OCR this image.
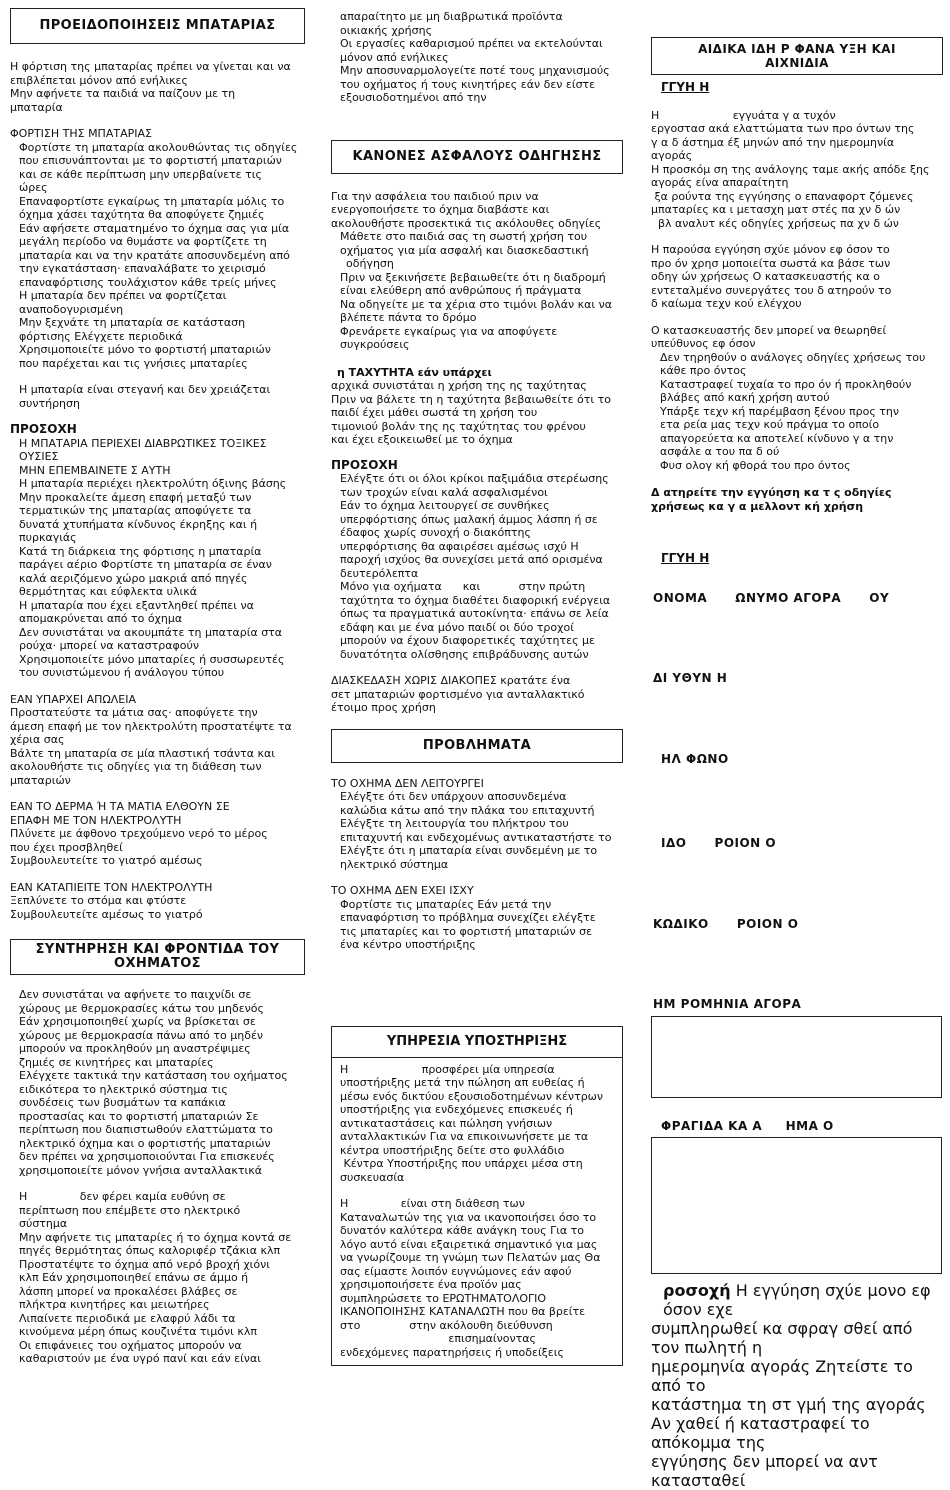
ΠΡΟΕΙΔΟΠΟΙΗΣΕΙΣ ΜΠΑΤΑΡΙΑΣ

Η φόρτιση της μπαταρίας πρέπει να γίνεται και να

επιβλέπεται μόνον από ενήλικες

Μην αφήνετε τα παιδιά να παίζουν με τη

μπαταρία

ΦΟΡΤΙΣΗ ΤΗΣ ΜΠΑΤΑΡΙΑΣ

Φορτίστε τη μπαταρία ακολουθώντας τις οδηγίες

που επισυνάπτονται με το φορτιστή μπαταριών

και σε κάθε περίπτωση μην υπερβαίνετε τις

ώρες

Επαναφορτίστε εγκαίρως τη μπαταρία μόλις το

όχημα χάσει ταχύτητα θα αποφύγετε ζημιές

Εάν αφήσετε σταματημένο το όχημα σας για μία

μεγάλη περίοδο να θυμάστε να φορτίζετε τη

μπαταρία και να την κρατάτε αποσυνδεμένη από

την εγκατάσταση· επαναλάβατε το χειρισμό

επαναφόρτισης τουλάχιστον κάθε τρείς μήνες

Η μπαταρία δεν πρέπει να φορτίζεται

αναποδογυρισμένη

Μην ξεχνάτε τη μπαταρία σε κατάσταση

φόρτισης Ελέγχετε περιοδικά

Χρησιμοποιείτε μόνο το φορτιστή μπαταριών

που παρέχεται και τις γνήσιες μπαταρίες

Η μπαταρία είναι στεγανή και δεν χρειάζεται

συντήρηση

ΠΡΟΣΟΧΗ

Η ΜΠΑΤΑΡΙΑ ΠΕΡΙΕΧΕΙ ΔΙΑΒΡΩΤΙΚΕΣ ΤΟΞΙΚΕΣ

ΟΥΣΙΕΣ

ΜΗΝ ΕΠΕΜΒΑΙΝΕΤΕ Σ ΑΥΤΗ

Η μπαταρία περιέχει ηλεκτρολύτη όξινης βάσης

Μην προκαλείτε άμεση επαφή μεταξύ των

τερματικών της μπαταρίας αποφύγετε τα

δυνατά χτυπήματα κίνδυνος έκρηξης και ή

πυρκαγιάς

Κατά τη διάρκεια της φόρτισης η μπαταρία

παράγει αέριο Φορτίστε τη μπαταρία σε έναν

καλά αεριζόμενο χώρο μακριά από πηγές

θερμότητας και εύφλεκτα υλικά

Η μπαταρία που έχει εξαντληθεί πρέπει να

απομακρύνεται από το όχημα

Δεν συνιστάται να ακουμπάτε τη μπαταρία στα

ρούχα· μπορεί να καταστραφούν

Χρησιμοποιείτε μόνο μπαταρίες ή συσσωρευτές

του συνιστώμενου ή ανάλογου τύπου

ΕΑΝ ΥΠΑΡΧΕΙ ΑΠΩΛΕΙΑ

Προστατεύστε τα μάτια σας· αποφύγετε την

άμεση επαφή με τον ηλεκτρολύτη προστατέψτε τα

χέρια σας

Βάλτε τη μπαταρία σε μία πλαστική τσάντα και

ακολουθήστε τις οδηγίες για τη διάθεση των

μπαταριών

ΕΑΝ ΤΟ ΔΕΡΜΑ Ή ΤΑ ΜΑΤΙΑ ΕΛΘΟΥΝ ΣΕ

ΕΠΑΦΗ ΜΕ ΤΟΝ ΗΛΕΚΤΡΟΛΥΤΗ

Πλύνετε με άφθονο τρεχούμενο νερό το μέρος

που έχει προσβληθεί

Συμβουλευτείτε το γιατρό αμέσως

ΕΑΝ ΚΑΤΑΠΙΕΙΤΕ ΤΟΝ ΗΛΕΚΤΡΟΛΥΤΗ

Ξεπλύνετε το στόμα και φτύστε

Συμβουλευτείτε αμέσως το γιατρό

ΣΥΝΤΗΡΗΣΗ ΚΑΙ ΦΡΟΝΤΙΔΑ ΤΟΥ
ΟΧΗΜΑΤΟΣ

Δεν συνιστάται να αφήνετε το παιχνίδι σε

χώρους με θερμοκρασίες κάτω του μηδενός

Εάν χρησιμοποιηθεί χωρίς να βρίσκεται σε

χώρους με θερμοκρασία πάνω από το μηδέν

μπορούν να προκληθούν μη αναστρέψιμες

ζημιές σε κινητήρες και μπαταρίες

Ελέγχετε τακτικά την κατάσταση του οχήματος

ειδικότερα το ηλεκτρικό σύστημα τις

συνδέσεις των βυσμάτων τα καπάκια

προστασίας και το φορτιστή μπαταριών Σε

περίπτωση που διαπιστωθούν ελαττώματα το

ηλεκτρικό όχημα και ο φορτιστής μπαταριών

δεν πρέπει να χρησιμοποιούνται Για επισκευές

χρησιμοποιείτε μόνον γνήσια ανταλλακτικά

Η               δεν φέρει καμία ευθύνη σε

περίπτωση που επέμβετε στο ηλεκτρικό

σύστημα

Μην αφήνετε τις μπαταρίες ή το όχημα κοντά σε

πηγές θερμότητας όπως καλοριφέρ τζάκια κλπ

Προστατέψτε το όχημα από νερό βροχή χιόνι

κλπ Εάν χρησιμοποιηθεί επάνω σε άμμο ή

λάσπη μπορεί να προκαλέσει βλάβες σε

πλήκτρα κινητήρες και μειωτήρες

Λιπαίνετε περιοδικά με ελαφρύ λάδι τα

κινούμενα μέρη όπως κουζινέτα τιμόνι κλπ

Οι επιφάνειες του οχήματος μπορούν να

καθαριστούν με ένα υγρό πανί και εάν είναι

απαραίτητο με μη διαβρωτικά προϊόντα

οικιακής χρήσης

Οι εργασίες καθαρισμού πρέπει να εκτελούνται

μόνον από ενήλικες

Μην αποσυναρμολογείτε ποτέ τους μηχανισμούς

του οχήματος ή τους κινητήρες εάν δεν είστε

εξουσιοδοτημένοι από την

ΚΑΝΟΝΕΣ ΑΣΦΑΛΟΥΣ ΟΔΗΓΗΣΗΣ

Για την ασφάλεια του παιδιού πριν να

ενεργοποιήσετε το όχημα διαβάστε και

ακολουθήστε προσεκτικά τις ακόλουθες οδηγίες

Μάθετε στο παιδιά σας τη σωστή χρήση του

οχήματος για μία ασφαλή και διασκεδαστική

οδήγηση

Πριν να ξεκινήσετε βεβαιωθείτε ότι η διαδρομή

είναι ελεύθερη από ανθρώπους ή πράγματα

Να οδηγείτε με τα χέρια στο τιμόνι βολάν και να

βλέπετε πάντα το δρόμο

Φρενάρετε εγκαίρως για να αποφύγετε

συγκρούσεις

η ΤΑΧΥΤΗΤΑ εάν υπάρχει

αρχικά συνιστάται η χρήση της ης ταχύτητας

Πριν να βάλετε τη η ταχύτητα βεβαιωθείτε ότι το

παιδί έχει μάθει σωστά τη χρήση του

τιμονιού βολάν της ης ταχύτητας του φρένου

και έχει εξοικειωθεί με το όχημα

ΠΡΟΣΟΧΗ

Ελέγξτε ότι οι όλοι κρίκοι παξιμάδια στερέωσης

των τροχών είναι καλά ασφαλισμένοι

Εάν το όχημα λειτουργεί σε συνθήκες

υπερφόρτισης όπως μαλακή άμμος λάσπη ή σε

έδαφος χωρίς συνοχή ο διακόπτης

υπερφόρτισης θα αφαιρέσει αμέσως ισχύ Η

παροχή ισχύος θα συνεχίσει μετά από ορισμένα

δευτερόλεπτα

Μόνο για οχήματα      και           στην πρώτη

ταχύτητα το όχημα διαθέτει διαφορική ενέργεια

όπως τα πραγματικά αυτοκίνητα· επάνω σε λεία

εδάφη και με ένα μόνο παιδί οι δύο τροχοί

μπορούν να έχουν διαφορετικές ταχύτητες με

δυνατότητα ολίσθησης επιβράδυνσης αυτών

ΔΙΑΣΚΕΔΑΣΗ ΧΩΡΙΣ ΔΙΑΚΟΠΕΣ κρατάτε ένα

σετ μπαταριών φορτισμένο για ανταλλακτικό

έτοιμο προς χρήση

ΠΡΟΒΛΗΜΑΤΑ

ΤΟ ΟΧΗΜΑ ΔΕΝ ΛΕΙΤΟΥΡΓΕΙ

Ελέγξτε ότι δεν υπάρχουν αποσυνδεμένα

καλώδια κάτω από την πλάκα του επιταχυντή

Ελέγξτε τη λειτουργία του πλήκτρου του

επιταχυντή και ενδεχομένως αντικαταστήστε το

Ελέγξτε ότι η μπαταρία είναι συνδεμένη με το

ηλεκτρικό σύστημα

ΤΟ ΟΧΗΜΑ ΔΕΝ ΕΧΕΙ ΙΣΧΥ

Φορτίστε τις μπαταρίες Εάν μετά την

επαναφόρτιση το πρόβλημα συνεχίζει ελέγξτε

τις μπαταρίες και το φορτιστή μπαταριών σε

ένα κέντρο υποστήριξης

ΥΠΗΡΕΣΙΑ ΥΠΟΣΤΗΡΙΞΗΣ

Η                     προσφέρει μία υπηρεσία

υποστήριξης μετά την πώληση απ ευθείας ή

μέσω ενός δικτύου εξουσιοδοτημένων κέντρων

υποστήριξης για ενδεχόμενες επισκευές ή

αντικαταστάσεις και πώληση γνήσιων

ανταλλακτικών Για να επικοινωνήσετε με τα

κέντρα υποστήριξης δείτε στο φυλλάδιο

Κέντρα Υποστήριξης που υπάρχει μέσα στη

συσκευασία

Η               είναι στη διάθεση των

Καταναλωτών της για να ικανοποιήσει όσο το

δυνατόν καλύτερα κάθε ανάγκη τους Για το

λόγο αυτό είναι εξαιρετικά σημαντικό για μας

να γνωρίζουμε τη γνώμη των Πελατών μας Θα

σας είμαστε λοιπόν ευγνώμονες εάν αφού

χρησιμοποιήσετε ένα προϊόν μας

συμπληρώσετε το ΕΡΩΤΗΜΑΤΟΛΟΓΙΟ

ΙΚΑΝΟΠΟΙΗΣΗΣ ΚΑΤΑΝΑΛΩΤΗ που θα βρείτε

στο              στην ακόλουθη διεύθυνση

επισημαίνοντας

ενδεχόμενες παρατηρήσεις ή υποδείξεις

ΑΙΔΙΚΑ ΙΔΗ Ρ ΦΑΝΑ ΥΞΗ ΚΑΙ
ΑΙΧΝΙΔΙΑ

ΓΓΥΗ Η

Η                     εγγυάτα γ α τυχόν

εργοστασ ακά ελαττώματα των προ όντων της

γ α δ άστημα έξ μηνών από την ημερομηνία

αγοράς

Η προσκόμ ση της ανάλογης ταμε ακής απόδε ξης

αγοράς είνα απαραίτητη

ξα ρούντα της εγγύησης ο επαναφορτ ζόμενες

μπαταρίες κα ι μετασχη ματ στές πα χν δ ών

βλ αναλυτ κές οδηγίες χρήσεως πα χν δ ών

Η παρούσα εγγύηση σχύε μόνον εφ όσον το

προ όν χρησ μοποιείτα σωστά κα βάσε των

οδηγ ών χρήσεως Ο κατασκευαστής κα ο

εντεταλμένο συνεργάτες του δ ατηρούν το

δ καίωμα τεχν κού ελέγχου

Ο κατασκευαστής δεν μπορεί να θεωρηθεί

υπεύθυνος εφ όσον

Δεν τηρηθούν ο ανάλογες οδηγίες χρήσεως του

κάθε προ όντος

Καταστραφεί τυχαία το προ όν ή προκληθούν

βλάβες από κακή χρήση αυτού

Υπάρξε τεχν κή παρέμβαση ξένου προς την

ετα ρεία μας τεχν κού πράγμα το οποίο

απαγορεύετα κα αποτελεί κίνδυνο γ α την

ασφάλε α του πα δ ού

Φυσ ολογ κή φθορά του προ όντος

Δ ατηρείτε την εγγύηση κα τ ς οδηγίες

χρήσεως κα γ α μελλοντ κή χρήση

ΓΓΥΗ Η

ΟΝΟΜΑ      ΩΝΥΜΟ ΑΓΟΡΑ      ΟΥ

ΔΙ ΥΘΥΝ Η

ΗΛ ΦΩΝΟ

ΙΔΟ      ΡΟΙΟΝ Ο

ΚΩΔΙΚΟ      ΡΟΙΟΝ Ο

ΗΜ ΡΟΜΗΝΙΑ ΑΓΟΡΑ

ΦΡΑΓΙΔΑ ΚΑ Α     ΗΜΑ Ο

ροσοχή Η εγγύηση σχύε μονο εφ όσον εχε

συμπληρωθεί κα σφραγ σθεί από τον πωλητή η

ημερομηνία αγοράς Ζητείστε το από το

κατάστημα τη στ γμή της αγοράς

Αν χαθεί ή καταστραφεί το απόκομμα της

εγγύησης δεν μπορεί να αντ κατασταθεί
